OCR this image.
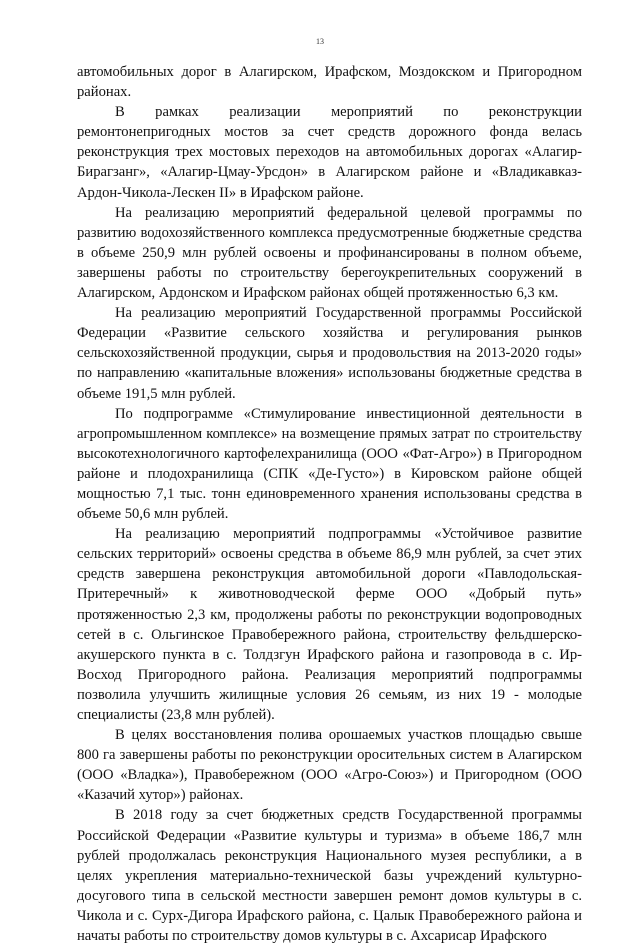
13

автомобильных дорог в Алагирском, Ирафском, Моздокском и Пригородном районах.

В рамках реализации мероприятий по реконструкции ремонтонепригодных мостов за счет средств дорожного фонда велась реконструкция трех мостовых переходов на автомобильных дорогах «Алагир-Бирагзанг», «Алагир-Цмау-Урсдон» в Алагирском районе и «Владикавказ-Ардон-Чикола-Лескен II» в Ирафском районе.

На реализацию мероприятий федеральной целевой программы по развитию водохозяйственного комплекса предусмотренные бюджетные средства в объеме 250,9 млн рублей освоены и профинансированы в полном объеме, завершены работы по строительству берегоукрепительных сооружений в Алагирском, Ардонском и Ирафском районах общей протяженностью 6,3 км.

На реализацию мероприятий Государственной программы Российской Федерации «Развитие сельского хозяйства и регулирования рынков сельскохозяйственной продукции, сырья и продовольствия на 2013-2020 годы» по направлению «капитальные вложения» использованы бюджетные средства в объеме 191,5 млн рублей.

По подпрограмме «Стимулирование инвестиционной деятельности в агропромышленном комплексе» на возмещение прямых затрат по строительству высокотехнологичного картофелехранилища (ООО «Фат-Агро») в Пригородном районе и плодохранилища (СПК «Де-Густо») в Кировском районе общей мощностью 7,1 тыс. тонн единовременного хранения использованы средства в объеме 50,6 млн рублей.

На реализацию мероприятий подпрограммы «Устойчивое развитие сельских территорий» освоены средства в объеме 86,9 млн рублей, за счет этих средств завершена реконструкция автомобильной дороги «Павлодольская-Притеречный» к животноводческой ферме ООО «Добрый путь» протяженностью 2,3 км, продолжены работы по реконструкции водопроводных сетей в с. Ольгинское Правобережного района, строительству фельдшерско-акушерского пункта в с. Толдзгун Ирафского района и газопровода в с. Ир-Восход Пригородного района. Реализация мероприятий подпрограммы позволила улучшить жилищные условия 26 семьям, из них 19 - молодые специалисты (23,8 млн рублей).

В целях восстановления полива орошаемых участков площадью свыше 800 га завершены работы по реконструкции оросительных систем в Алагирском (ООО «Владка»), Правобережном (ООО «Агро-Союз») и Пригородном (ООО «Казачий хутор») районах.

В 2018 году за счет бюджетных средств Государственной программы Российской Федерации «Развитие культуры и туризма» в объеме 186,7 млн рублей продолжалась реконструкция Национального музея республики, а в целях укрепления материально-технической базы учреждений культурно-досугового типа в сельской местности завершен ремонт домов культуры в с. Чикола и с. Сурх-Дигора Ирафского района, с. Цалык Правобережного района и начаты работы по строительству домов культуры в с. Ахсарисар Ирафского
